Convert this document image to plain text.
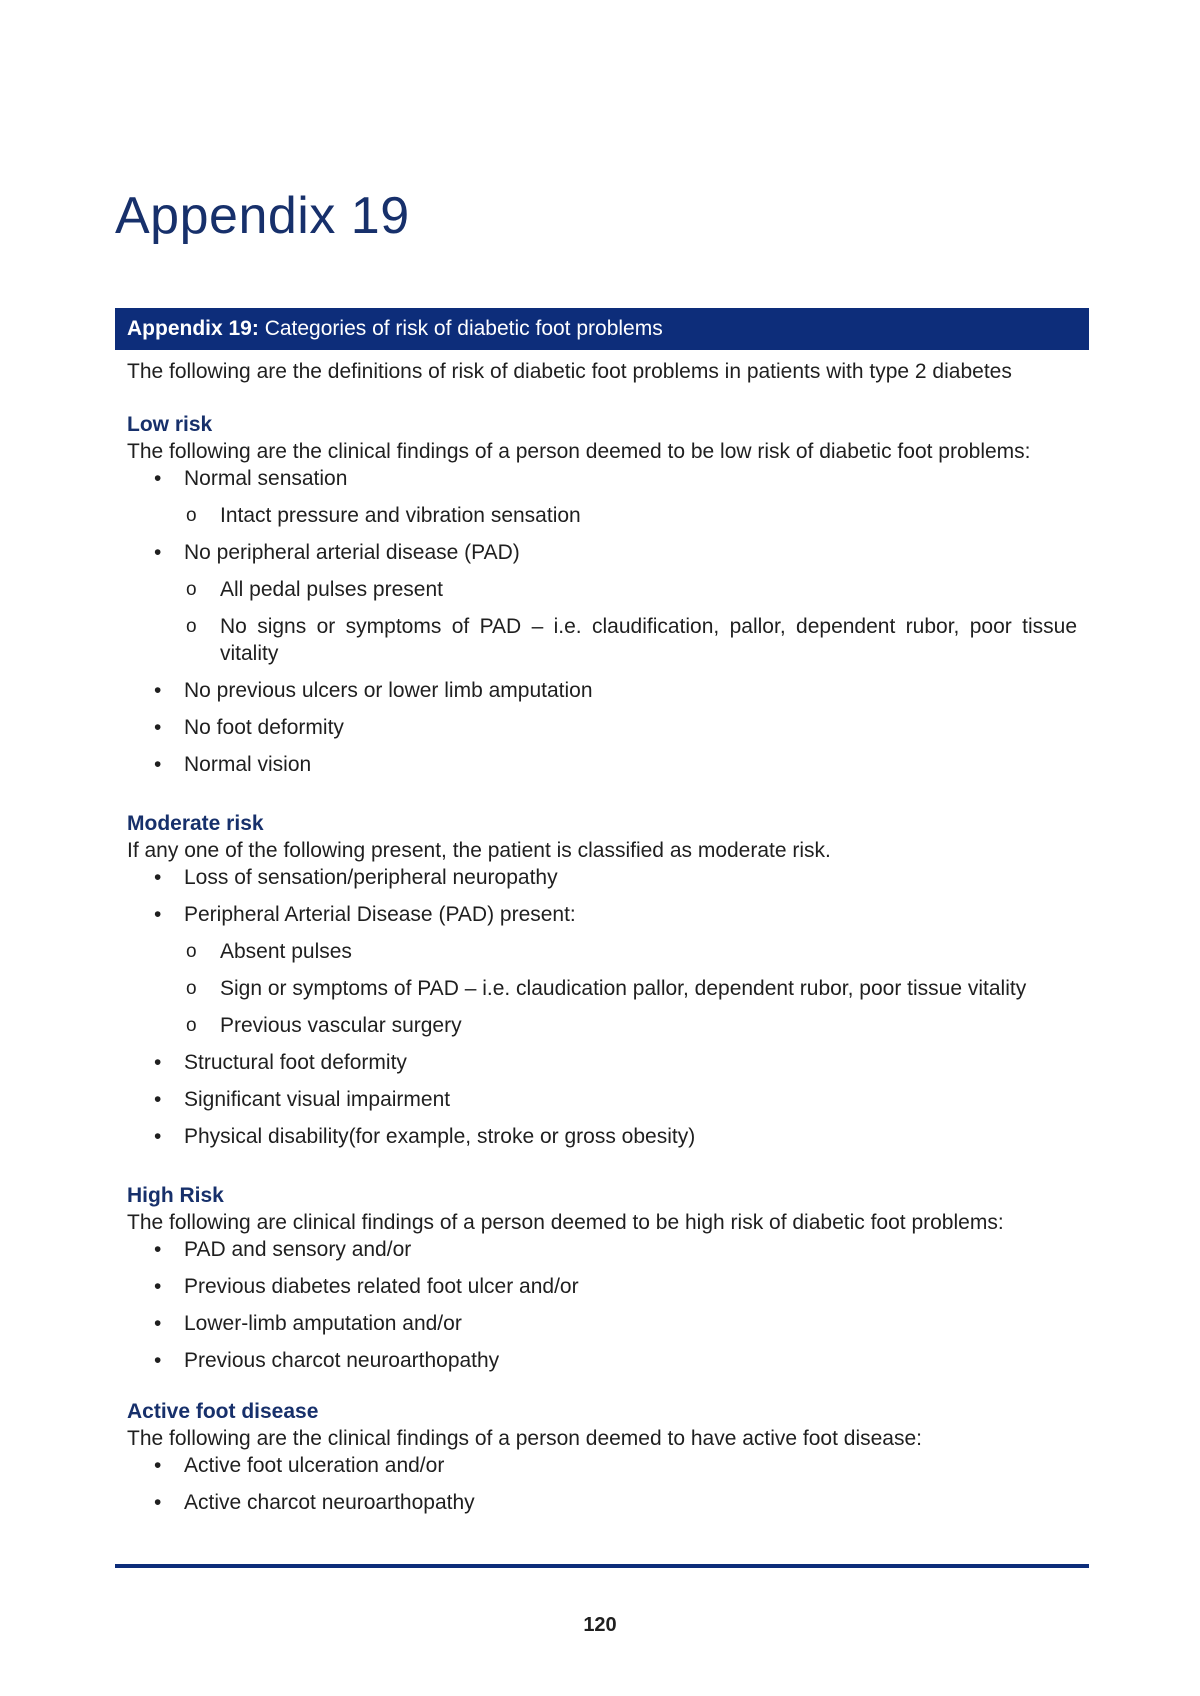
Appendix 19
Appendix 19: Categories of risk of diabetic foot problems

The following are the definitions of risk of diabetic foot problems in patients with type 2 diabetes

Low risk

The following are the clinical findings of a person deemed to be low risk of diabetic foot problems:

• Normal sensation
o Intact pressure and vibration sensation
• No peripheral arterial disease (PAD)
o All pedal pulses present
o No signs or symptoms of PAD – i.e. claudification, pallor, dependent rubor, poor tissue vitality
• No previous ulcers or lower limb amputation
• No foot deformity
• Normal vision
Moderate risk

If any one of the following present, the patient is classified as moderate risk.

• Loss of sensation/peripheral neuropathy
• Peripheral Arterial Disease (PAD) present:
o Absent pulses
o Sign or symptoms of PAD – i.e. claudication pallor, dependent rubor, poor tissue vitality
o Previous vascular surgery
• Structural foot deformity
• Significant visual impairment
• Physical disability(for example, stroke or gross obesity)
High Risk

The following are clinical findings of a person deemed to be high risk of diabetic foot problems:

• PAD and sensory and/or
• Previous diabetes related foot ulcer and/or
• Lower-limb amputation and/or
• Previous charcot neuroarthopathy
Active foot disease

The following are the clinical findings of a person deemed to have active foot disease:

• Active foot ulceration and/or
• Active charcot neuroarthopathy
120
